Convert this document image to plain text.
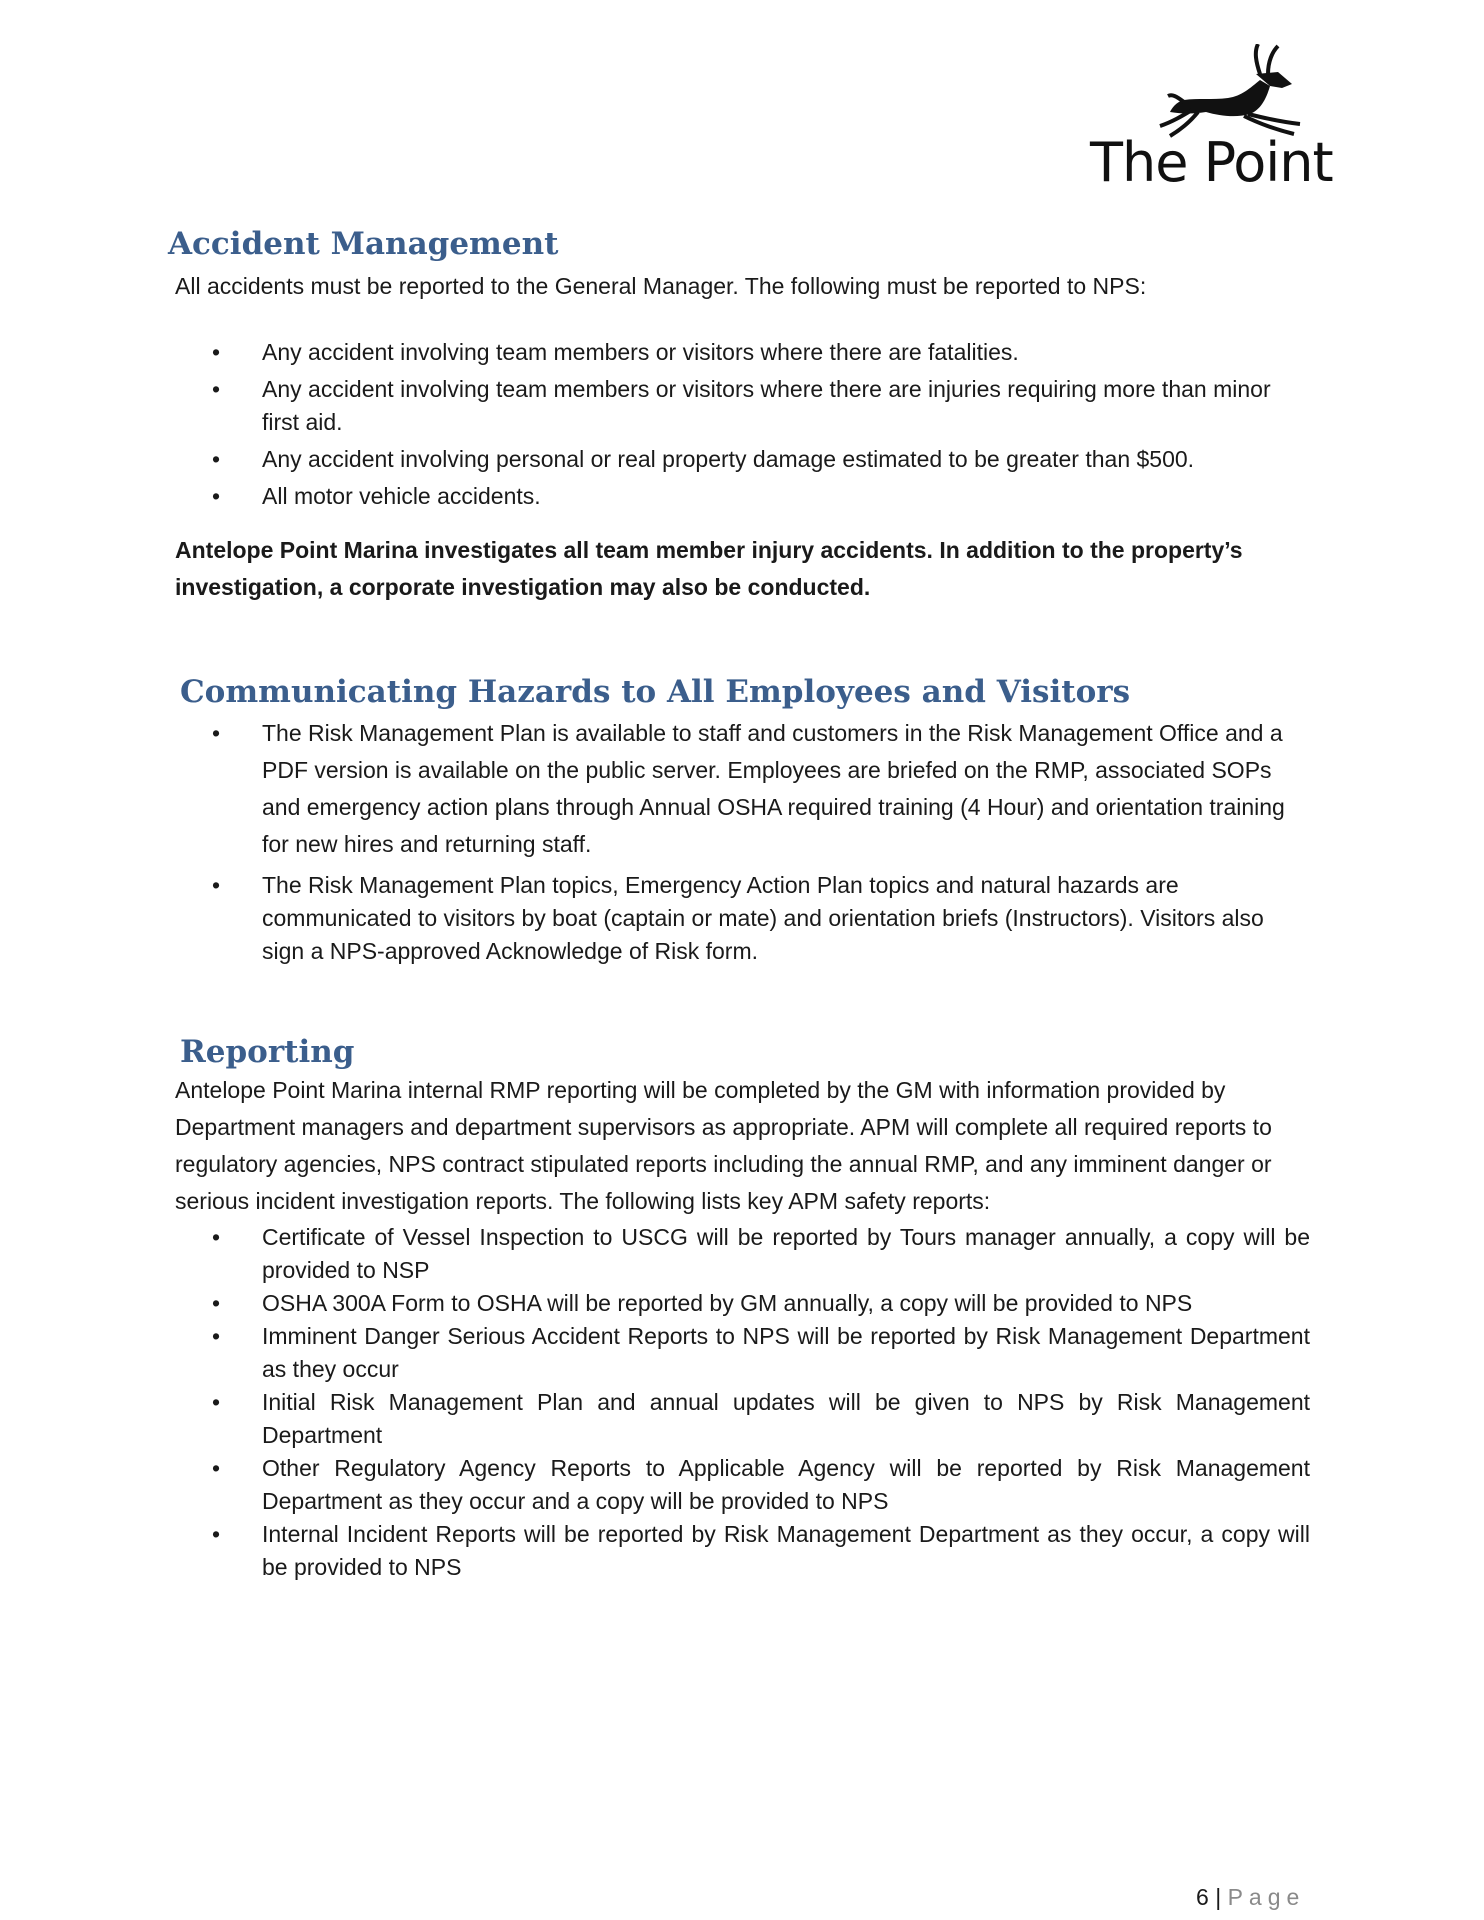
The Point
Accident Management

All accidents must be reported to the General Manager. The following must be reported to NPS:

• Any accident involving team members or visitors where there are fatalities.
• Any accident involving team members or visitors where there are injuries requiring more than minor first aid.
• Any accident involving personal or real property damage estimated to be greater than $500.
• All motor vehicle accidents.

Antelope Point Marina investigates all team member injury accidents. In addition to the property’s investigation, a corporate investigation may also be conducted.

Communicating Hazards to All Employees and Visitors
• The Risk Management Plan is available to staff and customers in the Risk Management Office and a PDF version is available on the public server. Employees are briefed on the RMP, associated SOPs and emergency action plans through Annual OSHA required training (4 Hour) and orientation training for new hires and returning staff.
• The Risk Management Plan topics, Emergency Action Plan topics and natural hazards are communicated to visitors by boat (captain or mate) and orientation briefs (Instructors). Visitors also sign a NPS-approved Acknowledge of Risk form.
Reporting

Antelope Point Marina internal RMP reporting will be completed by the GM with information provided by Department managers and department supervisors as appropriate. APM will complete all required reports to regulatory agencies, NPS contract stipulated reports including the annual RMP, and any imminent danger or serious incident investigation reports. The following lists key APM safety reports:

• Certificate of Vessel Inspection to USCG will be reported by Tours manager annually, a copy will be provided to NSP
• OSHA 300A Form to OSHA will be reported by GM annually, a copy will be provided to NPS
• Imminent Danger Serious Accident Reports to NPS will be reported by Risk Management Department as they occur
• Initial Risk Management Plan and annual updates will be given to NPS by Risk Management Department
• Other Regulatory Agency Reports to Applicable Agency will be reported by Risk Management Department as they occur and a copy will be provided to NPS
• Internal Incident Reports will be reported by Risk Management Department as they occur, a copy will be provided to NPS
6 | Page
